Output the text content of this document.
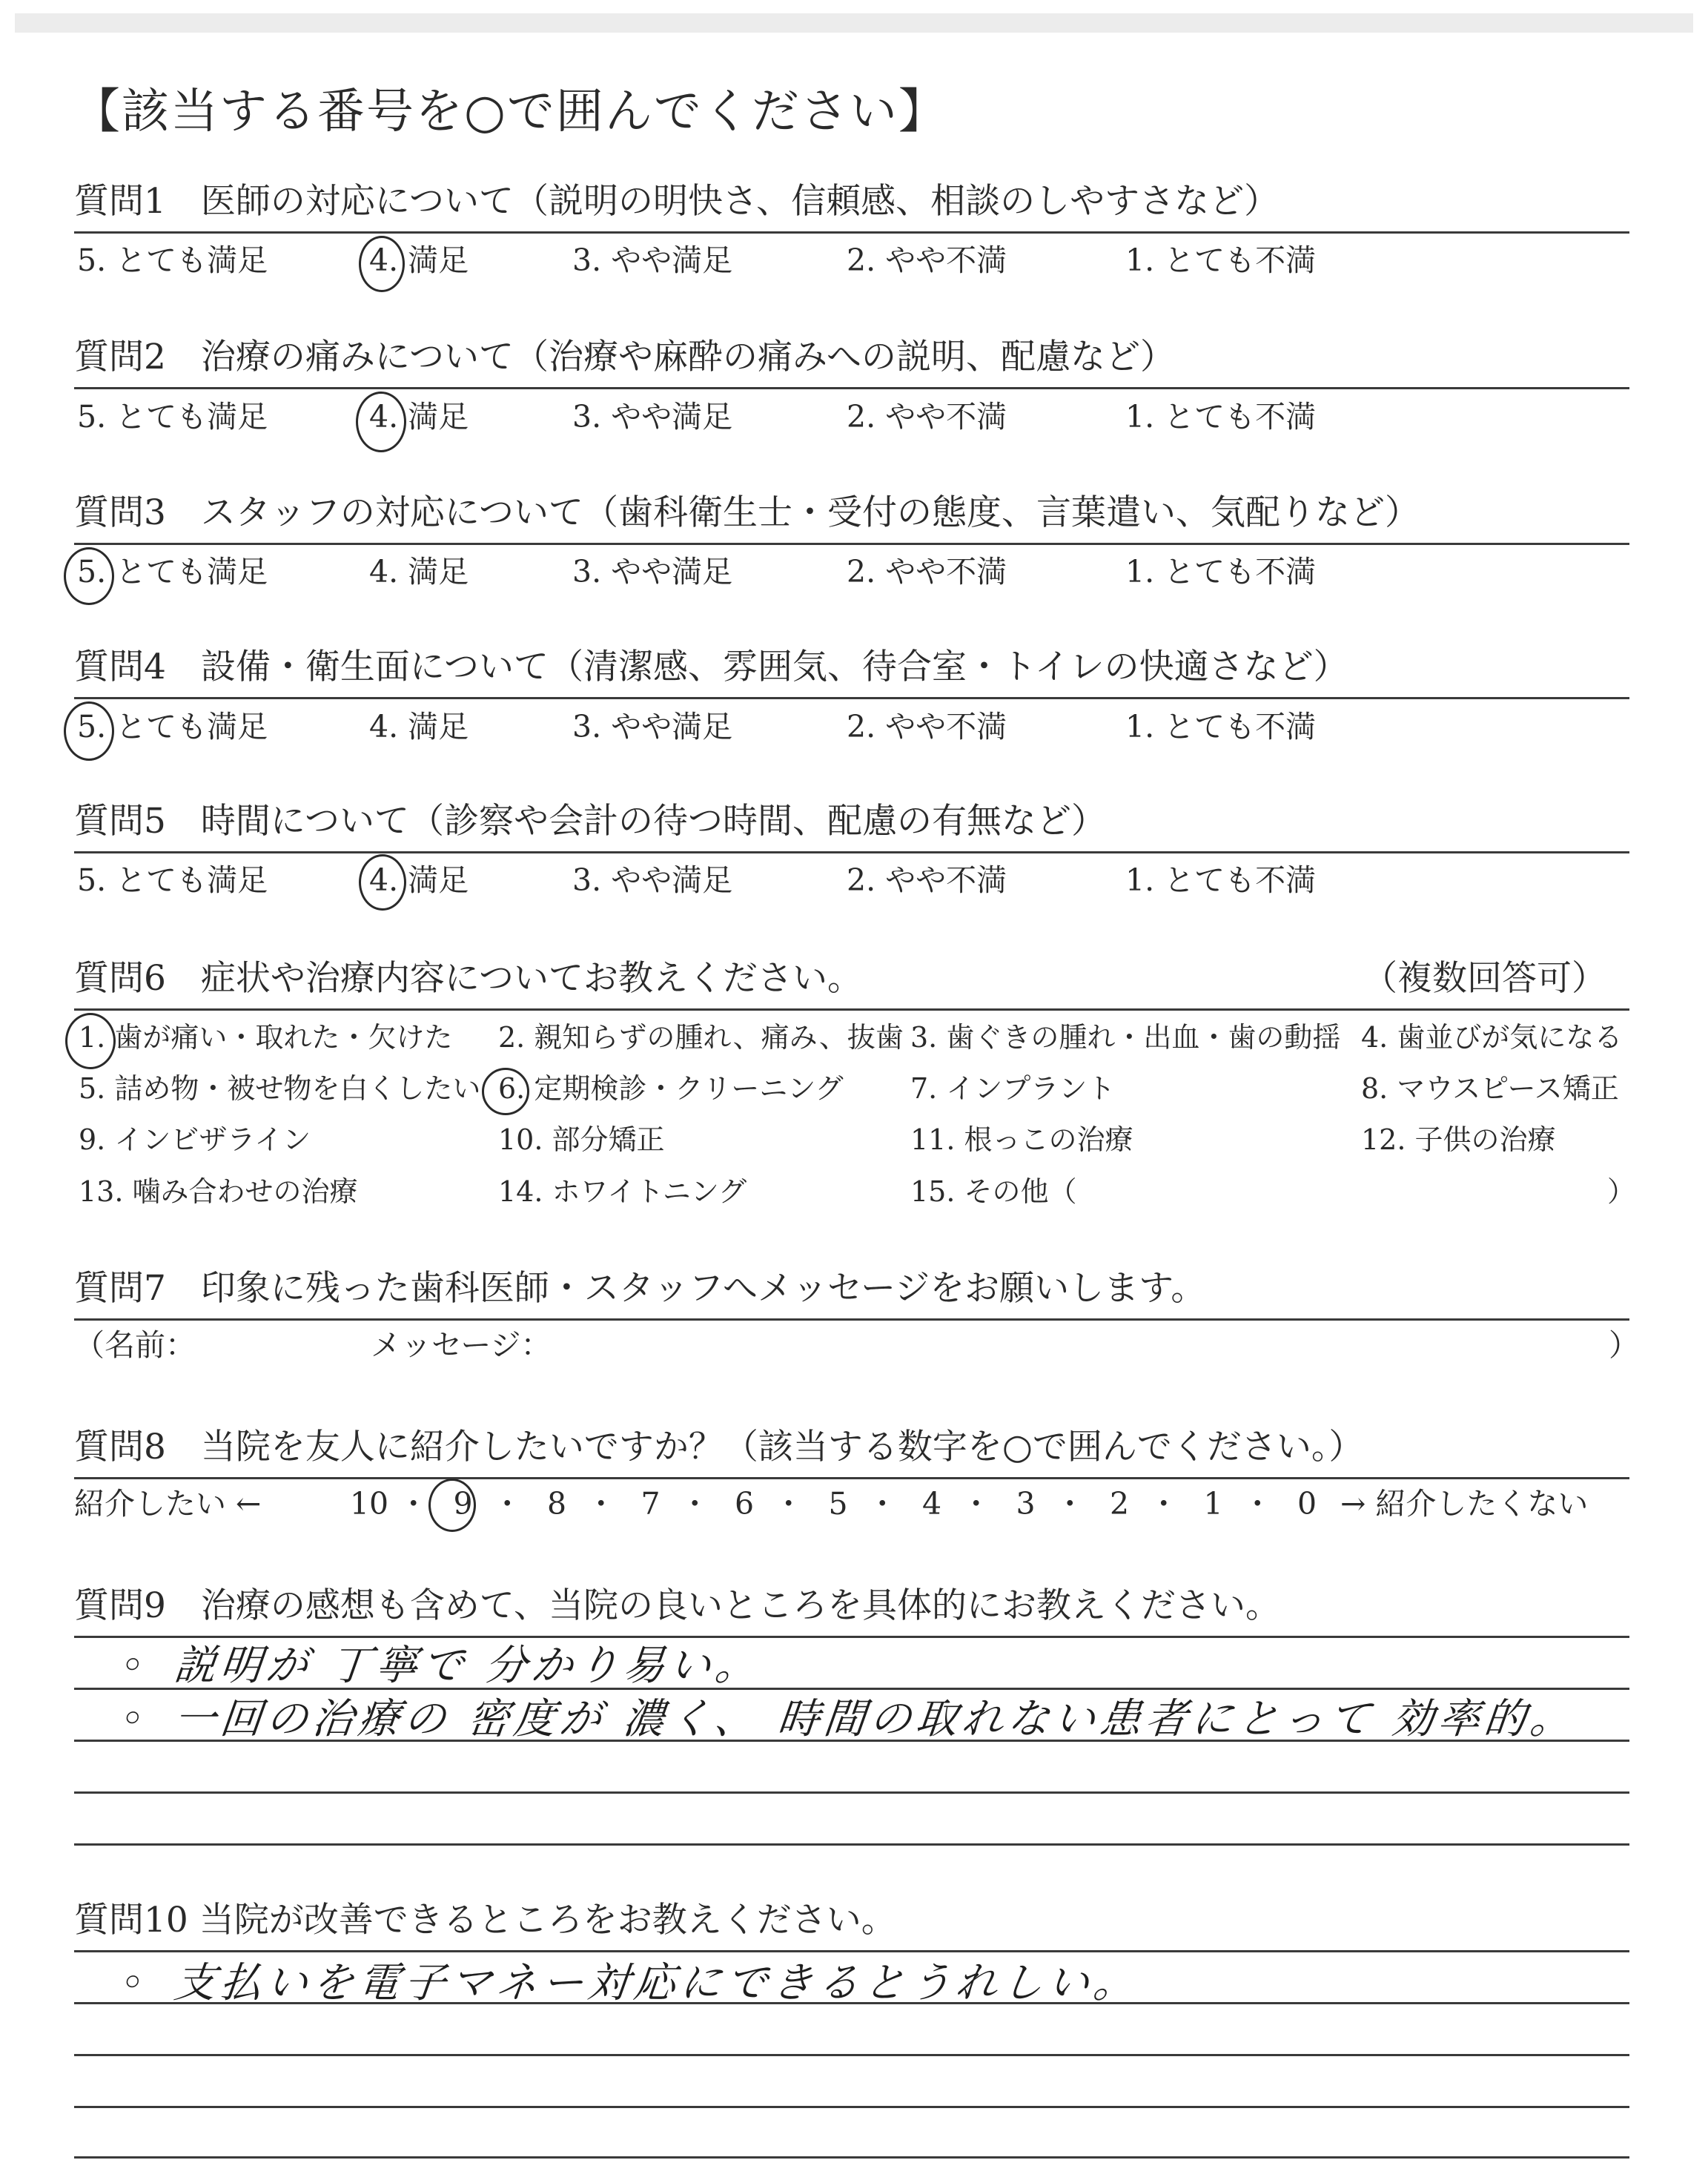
【該当する番号を○で囲んでください】
質問1　医師の対応について（説明の明快さ、信頼感、相談のしやすさなど）
5. とても満足	4. 満足	3. やや満足	2. やや不満	1. とても不満
質問2　治療の痛みについて（治療や麻酔の痛みへの説明、配慮など）
5. とても満足	4. 満足	3. やや満足	2. やや不満	1. とても不満
質問3　スタッフの対応について（歯科衛生士・受付の態度、言葉遣い、気配りなど）
5. とても満足	4. 満足	3. やや満足	2. やや不満	1. とても不満
質問4　設備・衛生面について（清潔感、雰囲気、待合室・トイレの快適さなど）
5. とても満足	4. 満足	3. やや満足	2. やや不満	1. とても不満
質問5　時間について（診察や会計の待つ時間、配慮の有無など）
5. とても満足	4. 満足	3. やや満足	2. やや不満	1. とても不満
質問6　症状や治療内容についてお教えください。	（複数回答可）
1. 歯が痛い・取れた・欠けた 2. 親知らずの腫れ、痛み、抜歯 3. 歯ぐきの腫れ・出血・歯の動揺 4. 歯並びが気になる
5. 詰め物・被せ物を白くしたい 6. 定期検診・クリーニング 7. インプラント	8. マウスピース矯正
9. インビザライン	10. 部分矯正	11. 根っこの治療	12. 子供の治療
13. 噛み合わせの治療	14. ホワイトニング	15. その他（	）
質問7　印象に残った歯科医師・スタッフへメッセージをお願いします。
（名前：	メッセージ：	）
質問8　当院を友人に紹介したいですか？（該当する数字を○で囲んでください。）
紹介したい ←	10 ・ 9 ・ 8 ・ 7 ・ 6 ・ 5 ・ 4 ・ 3 ・ 2 ・ 1 ・ 0 → 紹介したくない
質問9　治療の感想も含めて、当院の良いところを具体的にお教えください。
◦ 説明が 丁寧で 分かり易い。
◦ 一回の治療の 密度が 濃く、 時間の取れない患者にとって 効率的。
質問10 当院が改善できるところをお教えください。
◦ 支払いを電子マネー対応にできるとうれしい。
